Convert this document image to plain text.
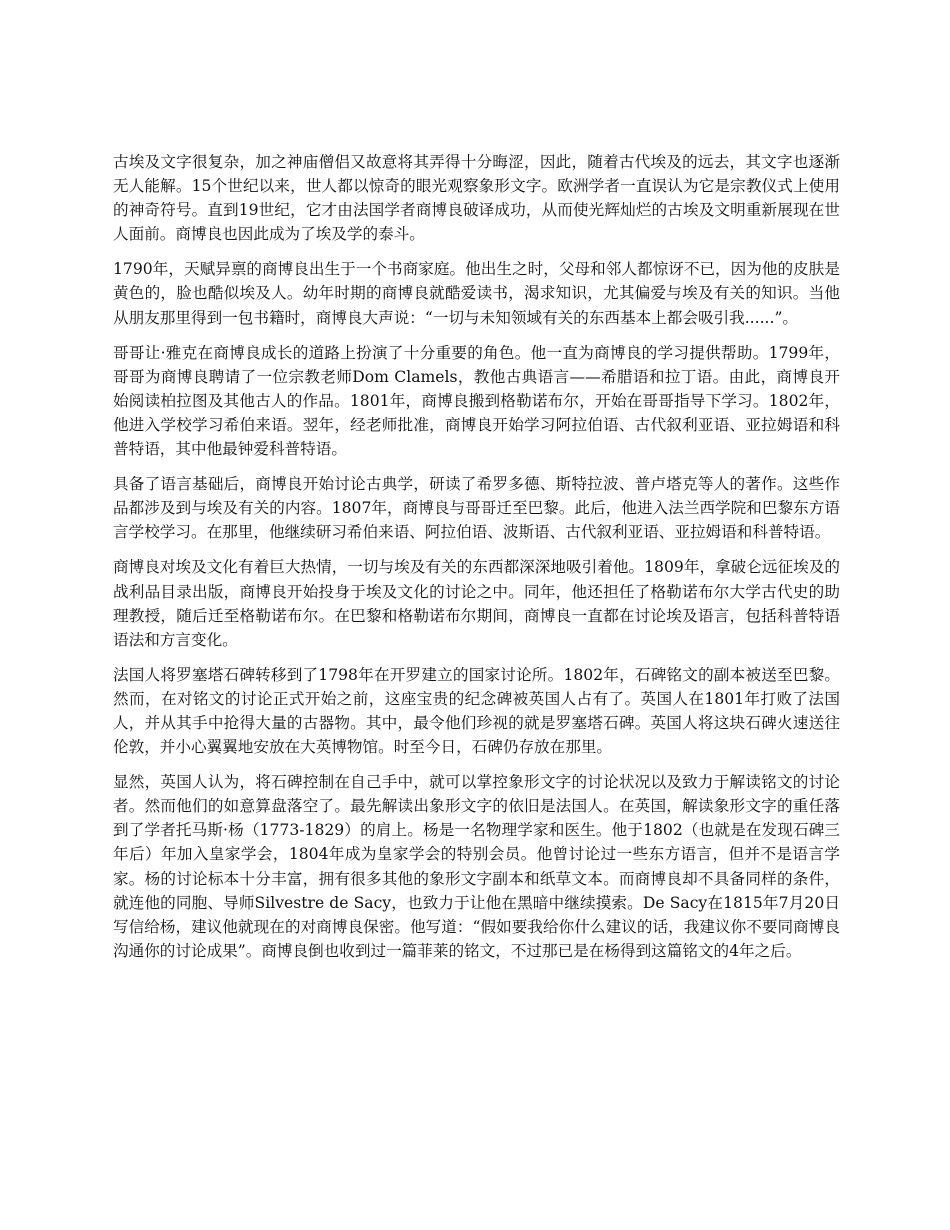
古埃及文字很复杂，加之神庙僧侣又故意将其弄得十分晦涩，因此，随着古代埃及的远去，其文字也逐渐无人能解。15个世纪以来，世人都以惊奇的眼光观察象形文字。欧洲学者一直误认为它是宗教仪式上使用的神奇符号。直到19世纪，它才由法国学者商博良破译成功，从而使光辉灿烂的古埃及文明重新展现在世人面前。商博良也因此成为了埃及学的泰斗。

1790年，天赋异禀的商博良出生于一个书商家庭。他出生之时，父母和邻人都惊讶不已，因为他的皮肤是黄色的，脸也酷似埃及人。幼年时期的商博良就酷爱读书，渴求知识，尤其偏爱与埃及有关的知识。当他从朋友那里得到一包书籍时，商博良大声说：“一切与未知领域有关的东西基本上都会吸引我......”。

哥哥让·雅克在商博良成长的道路上扮演了十分重要的角色。他一直为商博良的学习提供帮助。1799年，哥哥为商博良聘请了一位宗教老师Dom Clamels，教他古典语言——希腊语和拉丁语。由此，商博良开始阅读柏拉图及其他古人的作品。1801年，商博良搬到格勒诺布尔，开始在哥哥指导下学习。1802年，他进入学校学习希伯来语。翌年，经老师批准，商博良开始学习阿拉伯语、古代叙利亚语、亚拉姆语和科普特语，其中他最钟爱科普特语。

具备了语言基础后，商博良开始讨论古典学，研读了希罗多德、斯特拉波、普卢塔克等人的著作。这些作品都涉及到与埃及有关的内容。1807年，商博良与哥哥迁至巴黎。此后，他进入法兰西学院和巴黎东方语言学校学习。在那里，他继续研习希伯来语、阿拉伯语、波斯语、古代叙利亚语、亚拉姆语和科普特语。

商博良对埃及文化有着巨大热情，一切与埃及有关的东西都深深地吸引着他。1809年，拿破仑远征埃及的战利品目录出版，商博良开始投身于埃及文化的讨论之中。同年，他还担任了格勒诺布尔大学古代史的助理教授，随后迁至格勒诺布尔。在巴黎和格勒诺布尔期间，商博良一直都在讨论埃及语言，包括科普特语语法和方言变化。

法国人将罗塞塔石碑转移到了1798年在开罗建立的国家讨论所。1802年，石碑铭文的副本被送至巴黎。然而，在对铭文的讨论正式开始之前，这座宝贵的纪念碑被英国人占有了。英国人在1801年打败了法国人，并从其手中抢得大量的古器物。其中，最令他们珍视的就是罗塞塔石碑。英国人将这块石碑火速送往伦敦，并小心翼翼地安放在大英博物馆。时至今日，石碑仍存放在那里。

显然，英国人认为，将石碑控制在自己手中，就可以掌控象形文字的讨论状况以及致力于解读铭文的讨论者。然而他们的如意算盘落空了。最先解读出象形文字的依旧是法国人。在英国，解读象形文字的重任落到了学者托马斯·杨（1773-1829）的肩上。杨是一名物理学家和医生。他于1802（也就是在发现石碑三年后）年加入皇家学会，1804年成为皇家学会的特别会员。他曾讨论过一些东方语言，但并不是语言学家。杨的讨论标本十分丰富，拥有很多其他的象形文字副本和纸草文本。而商博良却不具备同样的条件，就连他的同胞、导师Silvestre de Sacy，也致力于让他在黑暗中继续摸索。De Sacy在1815年7月20日写信给杨，建议他就现在的对商博良保密。他写道：“假如要我给你什么建议的话，我建议你不要同商博良沟通你的讨论成果”。商博良倒也收到过一篇菲莱的铭文，不过那已是在杨得到这篇铭文的4年之后。
